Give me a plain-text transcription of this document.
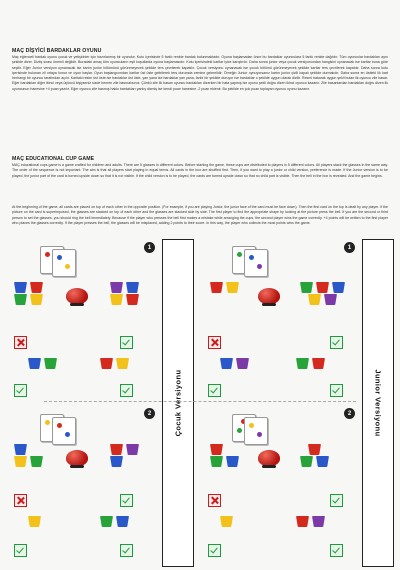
MAÇ DİŞYİCİ BARDAKLAR OYUNU
Maç eğlenceli bardak oyunu çocuk ve yetişkinler için hazırlanmış bir oyundur. Kutu içerisinde 5 farklı renkte bardak bulunmaktadır. Oyuna başlamadan önce bu bardaklar oyunculara 5 farklı renkte dağıtılır. Tüm oyuncular bardakları aynı şekilde dizer. Dizliş sırası önemli değildir. Buradaki amaç tüm oyuncuların eşit koşullarda oyuna başlamasıdır. Kutu içerisindeki kartlar iyice karıştırılır. Daha sonra junior veya çocuk versiyonundan hangisini oynanacak ise kartlar buna göre seçilir. Eğer Junior versiyon oynanacak ise kartın junior bölümünü görünmeyecek şekilde ters çevrilerek kapatılır. Çocuk versiyonu oynanacak ise çocuk bölümü görünmeyecek şekilde kartlar ters çevrilerek kapatılır. Daha sonra kutu içerisinde bulunan zil ortaya konur ve oyun başlar. Oyun başlangıcından kartlar üst üste getirilerek ters durumda zemine gelmelidir. Örneğin Junior oynuyorsanız kartın junior çizili kapalı şekilde durmalıdır. Daha sonra en üstteki ilk kart herhangi bir oyuncu tarafından açılır. Kartlaki resim üst üste ise bardaklar üst üste, yan yana ise bardaklar yan yana, farklı bir şekilde duruyor ise bardaklar o şekilde uygun olarak dizilir. Resmi bakarak uygun şekli bulan ilk oyuncu zile basar. Eğer bardakları diğer ikinci veya üçüncü kişiyseniz sizde hemen zile basmalısınız. Çünkü zile ilk basan oyuncu bardakları dizerken bir hata yapmış ise oyunu şekli doğru dizen ikinci oyuncu kazanır. Zile basanlardan bardakları doğru dizen ilk oyuncunun hanesine +4 puan yazılır. Eğer oyuncu zile basmış hakkı bardakları yanlış dizmiş ise kendi puan hanesine -2 puan eklenir. Bu şekilde en çok puan toplayan oyuncu oyunu kazanır.
MAÇ EDUCATIONAL CUP GAME
MAÇ educational cups game is a game crafted for children and adults. There are 5 glasses in different colors. Before starting the game, these cups are distributed to players in 5 different colors. All players stack the glasses in the same way. The order of the sequence is not important. The aim is that all players start playing in equal terms. All cards in the box are shuffled first. Then, if you want to play a junior or child version, preference is made. If the Junior version is to be played, the junior part of the card is turned upside down so that it is not visible. If the child version is to be played, the cards are turned upside down so that no child part is visible. Then the bell in the box is revealed. And the game begins.
At the beginning of the game, all cards are placed on top of each other in the opposite position. (For example, if you are playing Junior, the junior face of the card must be face down). Then the first card on the top is dealt by any player. If the picture on the card is superimposed, the glasses are stacked on top of each other and the glasses are stacked side by side. The first player to find the appropriate shape by looking at the picture press the bell. If you are the second or third person to set the glasses, you should ring the bell immediately. Because if the player who presses the bell first makes a mistake while arranging the cups, the second player wins the game correctly. +4 points will be written to the first player who places the glasses correctly. If the player presses the bell, the glasses will be misplaced, adding 2 points to their score. In this way, the player who collects the most points wins the game.
Çocuk Versiyonu	Junior Versiyonu
1
2
1
2
